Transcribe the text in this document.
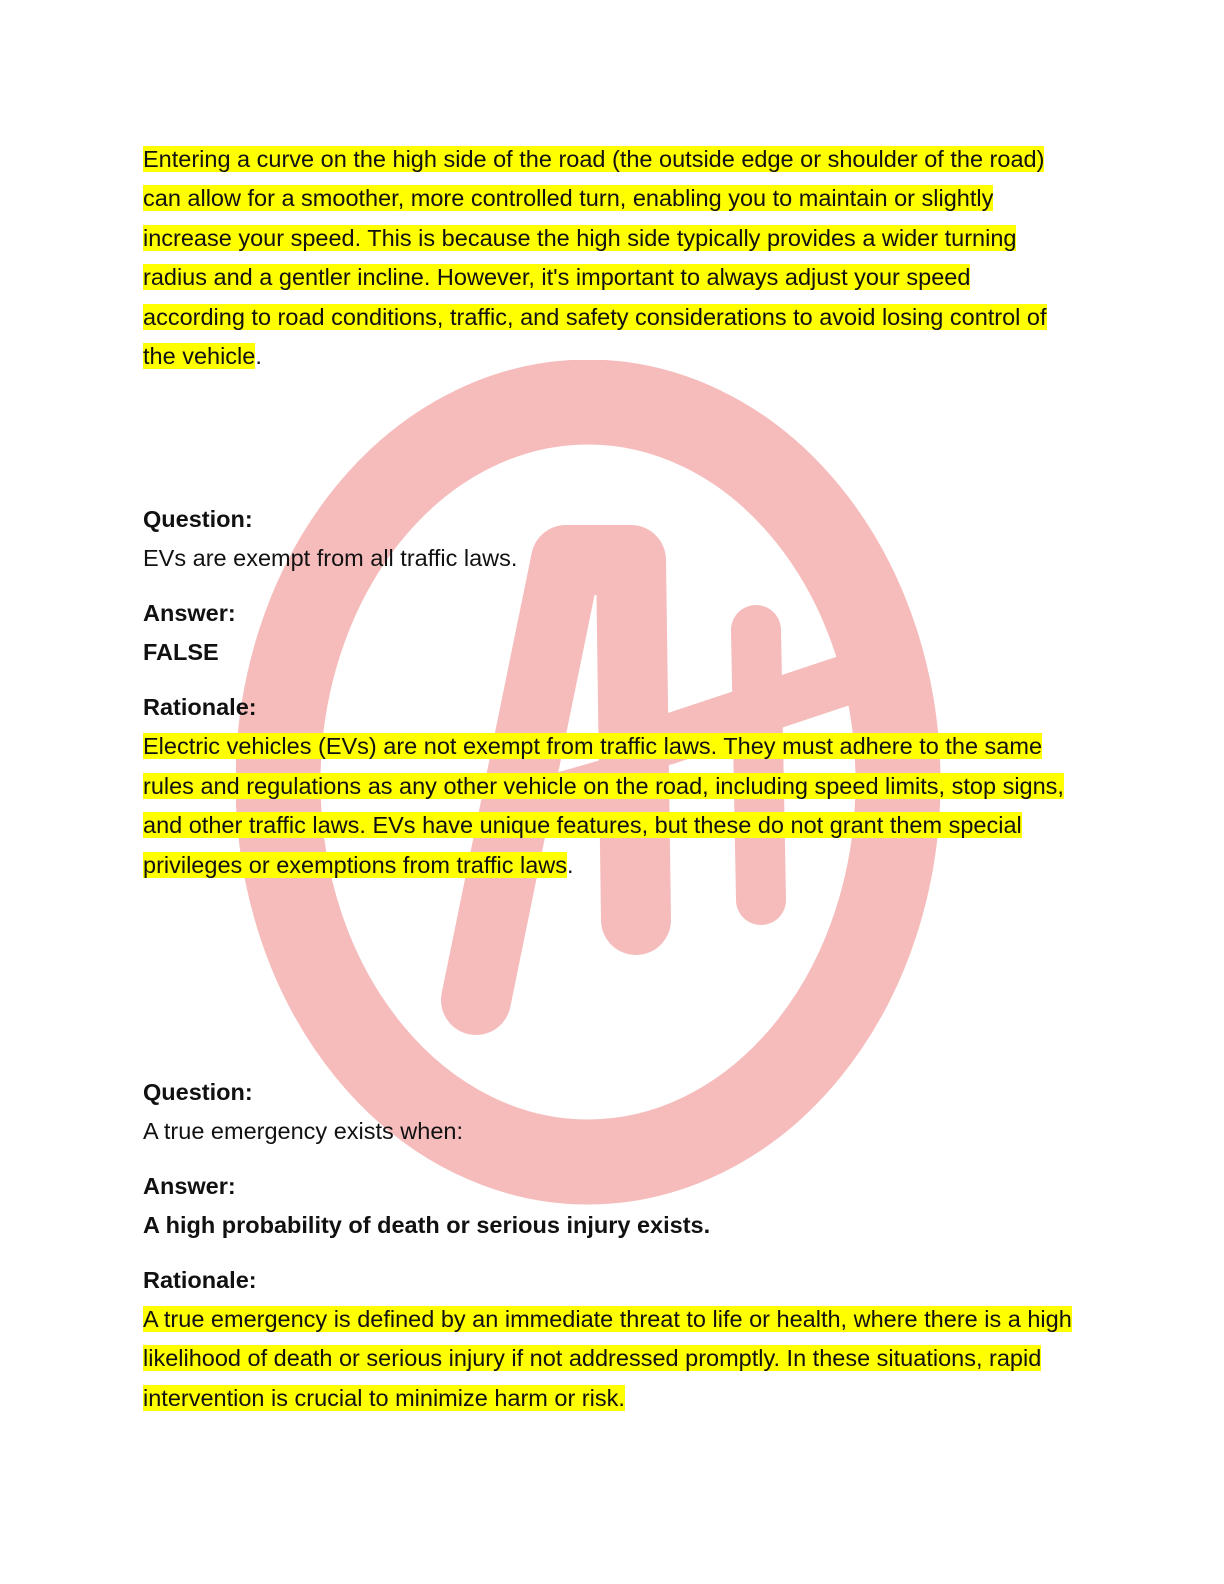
Entering a curve on the high side of the road (the outside edge or shoulder of the road) can allow for a smoother, more controlled turn, enabling you to maintain or slightly increase your speed. This is because the high side typically provides a wider turning radius and a gentler incline. However, it's important to always adjust your speed according to road conditions, traffic, and safety considerations to avoid losing control of the vehicle.

Question:

EVs are exempt from all traffic laws.

Answer:

FALSE

Rationale:

Electric vehicles (EVs) are not exempt from traffic laws. They must adhere to the same rules and regulations as any other vehicle on the road, including speed limits, stop signs, and other traffic laws. EVs have unique features, but these do not grant them special privileges or exemptions from traffic laws.

Question:

A true emergency exists when:

Answer:

A high probability of death or serious injury exists.

Rationale:

A true emergency is defined by an immediate threat to life or health, where there is a high likelihood of death or serious injury if not addressed promptly. In these situations, rapid intervention is crucial to minimize harm or risk.
